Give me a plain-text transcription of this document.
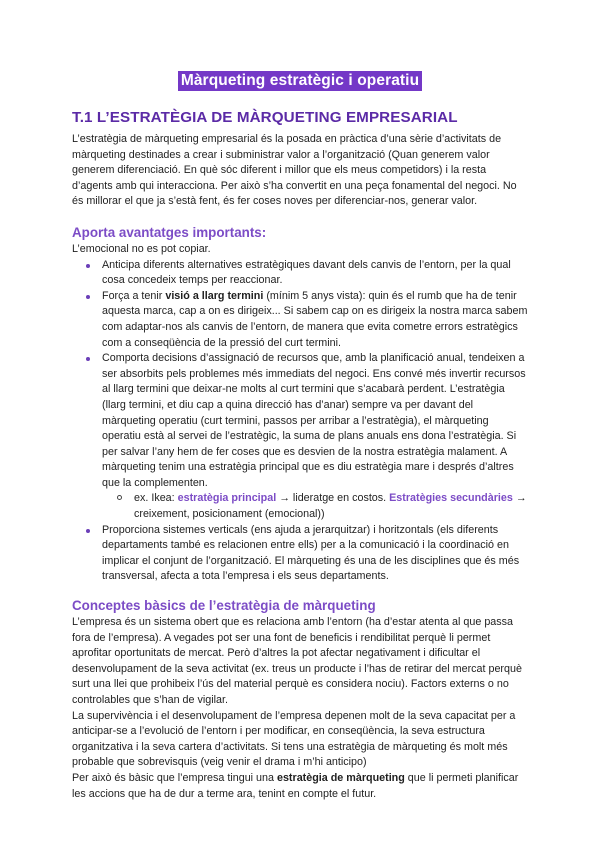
Màrqueting estratègic i operatiu
T.1 L’ESTRATÈGIA DE MÀRQUETING EMPRESARIAL

L’estratègia de màrqueting empresarial és la posada en pràctica d’una sèrie d’activitats de màrqueting destinades a crear i subministrar valor a l’organització (Quan generem valor generem diferenciació. En què sóc diferent i millor que els meus competidors) i la resta d’agents amb qui interacciona. Per això s’ha convertit en una peça fonamental del negoci. No és millorar el que ja s’està fent, és fer coses noves per diferenciar-nos, generar valor.

Aporta avantatges importants:

L’emocional no es pot copiar.

Anticipa diferents alternatives estratègiques davant dels canvis de l’entorn, per la qual cosa concedeix temps per reaccionar.
Força a tenir visió a llarg termini (mínim 5 anys vista): quin és el rumb que ha de tenir aquesta marca, cap a on es dirigeix... Si sabem cap on es dirigeix la nostra marca sabem com adaptar-nos als canvis de l’entorn, de manera que evita cometre errors estratègics com a conseqüència de la pressió del curt termini.
Comporta decisions d’assignació de recursos que, amb la planificació anual, tendeixen a ser absorbits pels problemes més immediats del negoci. Ens convé més invertir recursos al llarg termini que deixar-ne molts al curt termini que s’acabarà perdent. L’estratègia (llarg termini, et diu cap a quina direcció has d’anar) sempre va per davant del màrqueting operatiu (curt termini, passos per arribar a l’estratègia), el màrqueting operatiu està al servei de l’estratègic, la suma de plans anuals ens dona l’estratègia. Si per salvar l’any hem de fer coses que es desvien de la nostra estratègia malament. A màrqueting tenim una estratègia principal que es diu estratègia mare i després d’altres que la complementen.
ex. Ikea: estratègia principal → lideratge en costos. Estratègies secundàries → creixement, posicionament (emocional))
Proporciona sistemes verticals (ens ajuda a jerarquitzar) i horitzontals (els diferents departaments també es relacionen entre ells) per a la comunicació i la coordinació en implicar el conjunt de l’organització. El màrqueting és una de les disciplines que és més transversal, afecta a tota l’empresa i els seus departaments.
Conceptes bàsics de l’estratègia de màrqueting

L’empresa és un sistema obert que es relaciona amb l’entorn (ha d’estar atenta al que passa fora de l’empresa). A vegades pot ser una font de beneficis i rendibilitat perquè li permet aprofitar oportunitats de mercat. Però d’altres la pot afectar negativament i dificultar el desenvolupament de la seva activitat (ex. treus un producte i l’has de retirar del mercat perquè surt una llei que prohibeix l’ús del material perquè es considera nociu). Factors externs o no controlables que s’han de vigilar.

La supervivència i el desenvolupament de l’empresa depenen molt de la seva capacitat per a anticipar-se a l’evolució de l’entorn i per modificar, en conseqüència, la seva estructura organitzativa i la seva cartera d’activitats. Si tens una estratègia de màrqueting és molt més probable que sobrevisquis (veig venir el drama i m’hi anticipo)

Per això és bàsic que l’empresa tingui una estratègia de màrqueting que li permeti planificar les accions que ha de dur a terme ara, tenint en compte el futur.
